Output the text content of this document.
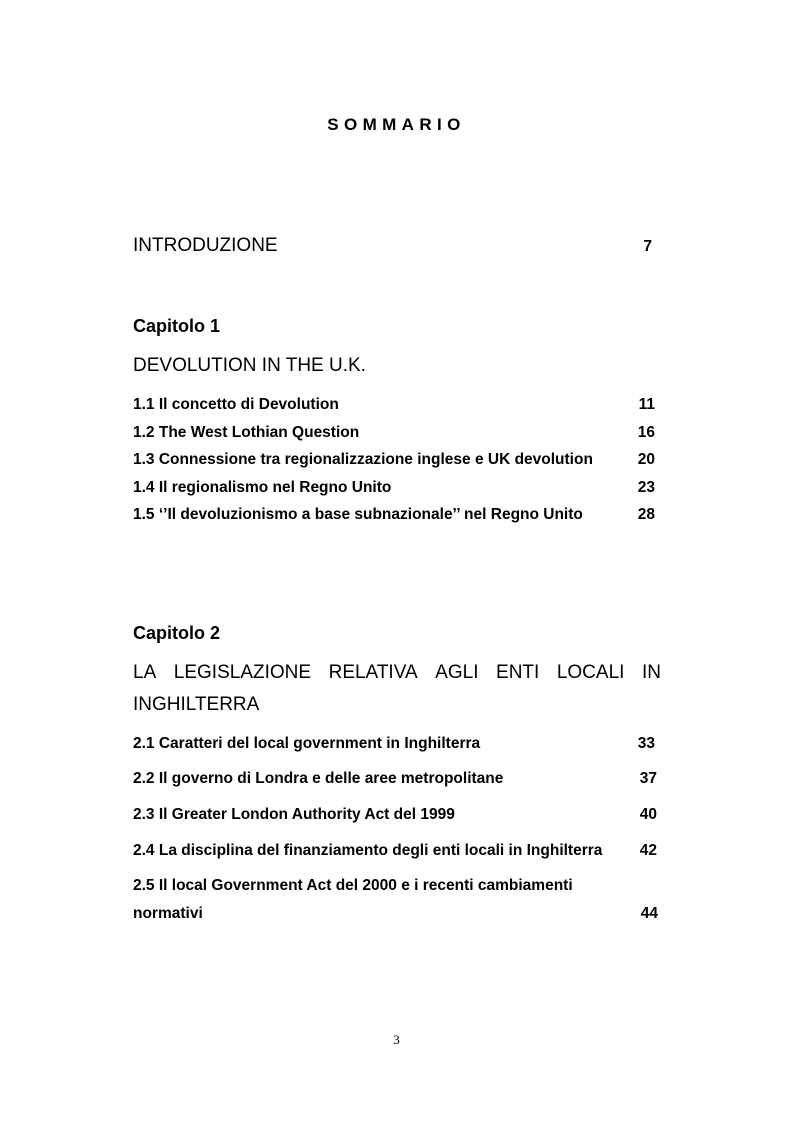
SOMMARIO
INTRODUZIONE	7
Capitolo 1
DEVOLUTION IN THE U.K.
1.1 Il concetto di Devolution	11
1.2 The West Lothian Question	16
1.3 Connessione tra regionalizzazione inglese e UK devolution	20
1.4 Il regionalismo nel Regno Unito	23
1.5 ‘’Il devoluzionismo a base subnazionale’’ nel Regno Unito	28
Capitolo 2
LA LEGISLAZIONE RELATIVA AGLI ENTI LOCALI IN
INGHILTERRA
2.1 Caratteri del local government in Inghilterra	33
2.2 Il governo di Londra e delle aree metropolitane	37
2.3 Il Greater London Authority Act del 1999	40
2.4 La disciplina del finanziamento degli enti locali in Inghilterra 42
2.5 Il local Government Act del 2000 e i recenti cambiamenti
normativi	44
3
